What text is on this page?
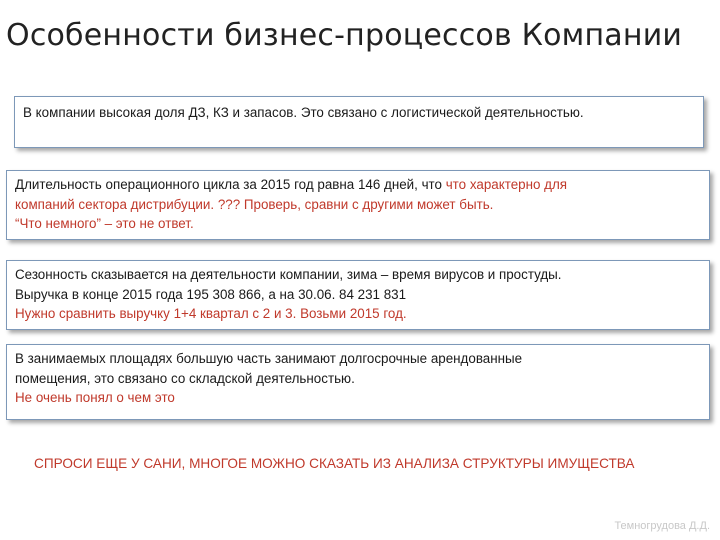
Особенности бизнес-процессов Компании
В компании высокая доля ДЗ, КЗ и запасов. Это связано с логистической деятельностью.
Длительность операционного цикла за 2015 год равна 146 дней, что что характерно для
компаний сектора дистрибуции. ??? Проверь, сравни с другими может быть.
“Что немного” – это не ответ.
Сезонность сказывается на деятельности компании, зима – время вирусов и простуды.
Выручка в конце 2015 года 195 308 866, а на 30.06. 84 231 831
Нужно сравнить выручку 1+4 квартал с 2 и 3. Возьми 2015 год.
В занимаемых площадях большую часть занимают долгосрочные арендованные
помещения, это связано со складской деятельностью.
Не очень понял о чем это
СПРОСИ ЕЩЕ У САНИ, МНОГОЕ МОЖНО СКАЗАТЬ ИЗ АНАЛИЗА СТРУКТУРЫ ИМУЩЕСТВА
Темногрудова Д.Д.
